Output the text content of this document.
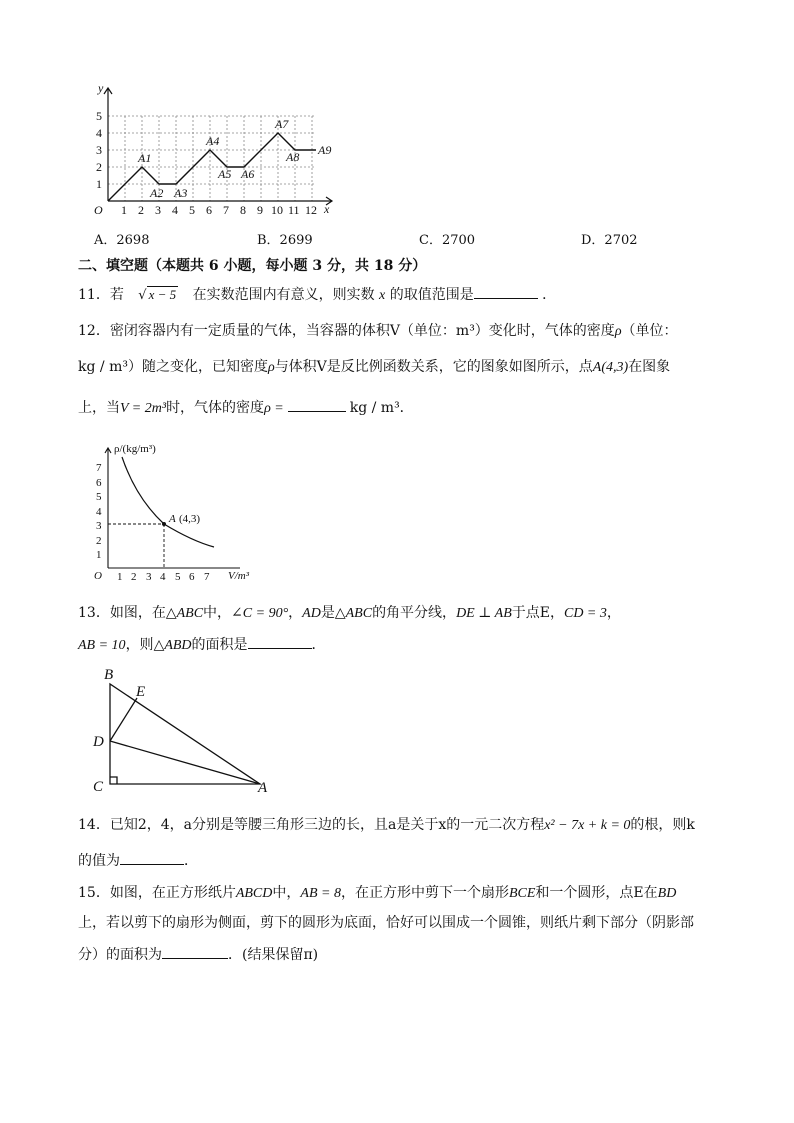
y
x
O
1
2
3
4
5
1 2 3 4 5 6 7 8 9 10 11 12
A1
A2 A3
A4
A5 A6
A7
A8 A9
A．2698	B．2699	C．2700	D．2702
二、填空题（本题共 6 小题，每小题 3 分，共 18 分）
11．若 √ x − 5 在实数范围内有意义，则实数 x 的取值范围是	．
12．密闭容器内有一定质量的气体，当容器的体积V（单位：m³）变化时，气体的密度ρ（单位：
kg / m³）随之变化，已知密度ρ与体积V是反比例函数关系，它的图象如图所示，点A(4,3)在图象
上，当V = 2m³时，气体的密度ρ =	kg / m³．
ρ/(kg/m³)
V/m³
O
1
2
3
4
5
6
7
1 2 3 4 5 6 7
A (4,3)
13．如图，在△ABC中，∠C = 90°，AD是△ABC的角平分线，DE ⊥ AB于点E，CD = 3，
AB = 10，则△ABD的面积是	．
B
E
D
C	A
14．已知2，4，a分别是等腰三角形三边的长，且a是关于x的一元二次方程x² − 7x + k = 0的根，则k
的值为	．
15．如图，在正方形纸片ABCD中，AB = 8，在正方形中剪下一个扇形BCE和一个圆形，点E在BD
上，若以剪下的扇形为侧面，剪下的圆形为底面，恰好可以围成一个圆锥，则纸片剩下部分（阴影部
分）的面积为	．(结果保留π)
